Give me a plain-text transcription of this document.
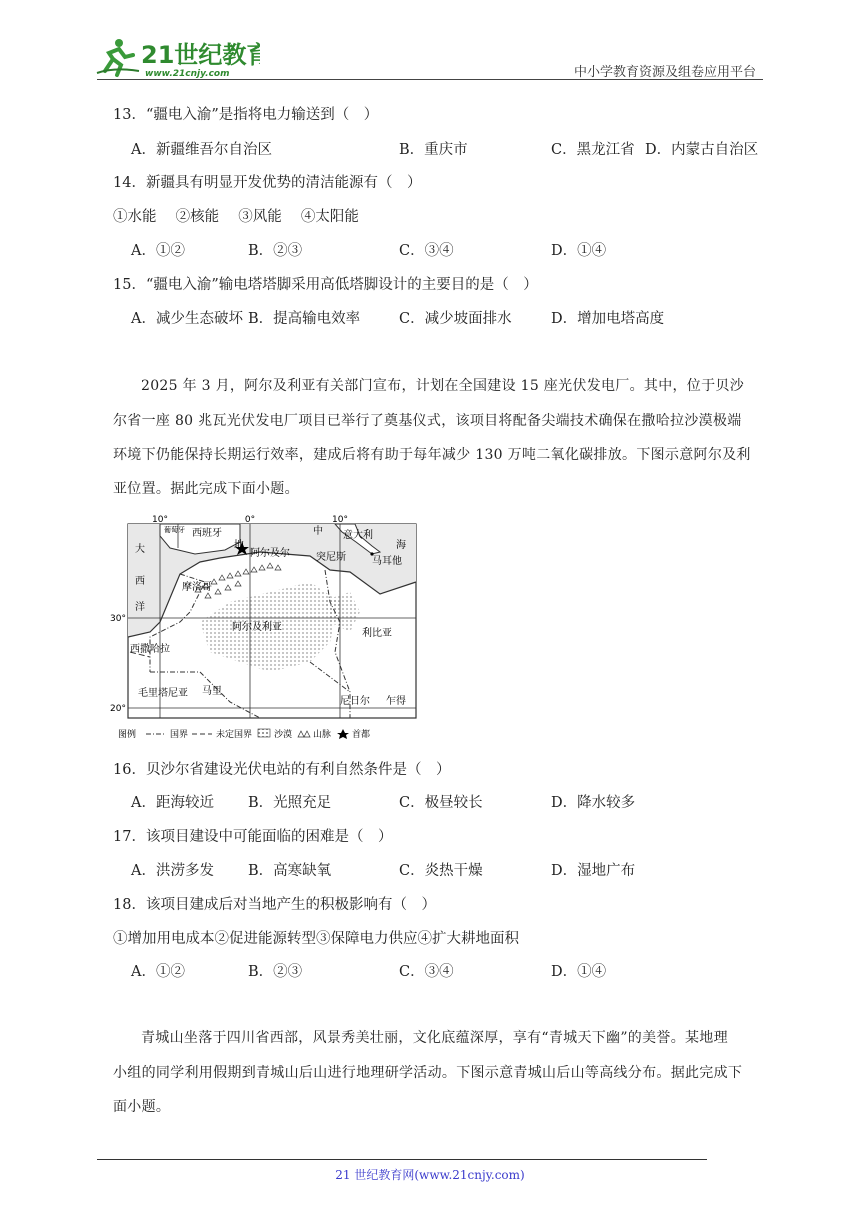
21世纪教育
www.21cnjy.com	中小学教育资源及组卷应用平台
13．“疆电入渝”是指将电力输送到（　）
A．新疆维吾尔自治区	B．重庆市	C．黑龙江省 D．内蒙古自治区
14．新疆具有明显开发优势的清洁能源有（　）
①水能　 ②核能　 ③风能　 ④太阳能
A．①②	B．②③	C．③④	D．①④
15．“疆电入渝”输电塔塔脚采用高低塔脚设计的主要目的是（　）
A．减少生态破坏 B．提高输电效率	C．减少坡面排水	D．增加电塔高度
2025 年 3 月，阿尔及利亚有关部门宣布，计划在全国建设 15 座光伏发电厂。其中，位于贝沙
尔省一座 80 兆瓦光伏发电厂项目已举行了奠基仪式，该项目将配备尖端技术确保在撒哈拉沙漠极端
环境下仍能保持长期运行效率，建成后将有助于每年减少 130 万吨二氧化碳排放。下图示意阿尔及利
亚位置。据此完成下面小题。
10°	0°	10°
30°
20°
葡萄牙 西班牙
地
中 意大利
海
大
西
洋
阿尔及尔	突尼斯	马耳他
摩洛哥
阿尔及利亚
利比亚
西撒哈拉
毛里塔尼亚 马里
尼日尔 乍得
图例	国界	未定国界 沙漠 山脉 首都
16．贝沙尔省建设光伏电站的有利自然条件是（　）
A．距海较近 B．光照充足	C．极昼较长	D．降水较多
17．该项目建设中可能面临的困难是（　）
A．洪涝多发 B．高寒缺氧	C．炎热干燥	D．湿地广布
18．该项目建成后对当地产生的积极影响有（　）
①增加用电成本②促进能源转型③保障电力供应④扩大耕地面积
A．①②	B．②③	C．③④	D．①④
青城山坐落于四川省西部，风景秀美壮丽，文化底蕴深厚，享有“青城天下幽”的美誉。某地理
小组的同学利用假期到青城山后山进行地理研学活动。下图示意青城山后山等高线分布。据此完成下
面小题。
21 世纪教育网(www.21cnjy.com)
